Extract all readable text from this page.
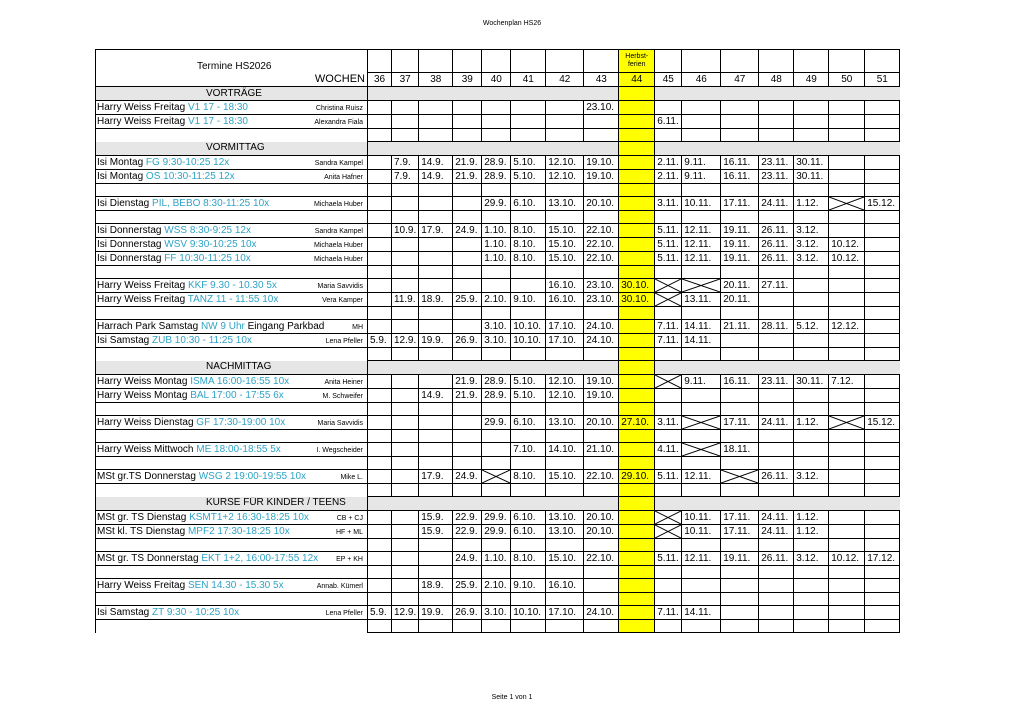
Wochenplan HS26
Termine HS2026									Herbst-
ferien							

WOCHEN	36	37	38	39	40	41	42	43	44	45	46	47	48	49	50	51
VORTRÄGE																
Harry Weiss Freitag V1 17 - 18:30 Christina Ruisz								23.10.								
Harry Weiss Freitag V1 17 - 18:30 Alexandra Fiala										6.11.						

VORMITTAG																
Isi Montag FG 9:30-10:25 12x Sandra Kampel		7.9.	14.9.	21.9.	28.9.	5.10.	12.10.	19.10.		2.11.	9.11.	16.11.	23.11.	30.11.		
Isi Montag OS 10:30-11:25 12x Anita Hafner		7.9.	14.9.	21.9.	28.9.	5.10.	12.10.	19.10.		2.11.	9.11.	16.11.	23.11.	30.11.		

Isi Dienstag PIL, BEBO 8:30-11:25 10x Michaela Huber					29.9.	6.10.	13.10.	20.10.		3.11.	10.11.	17.11.	24.11.	1.12.		15.12.

Isi Donnerstag WSS 8:30-9:25 12x Sandra Kampel		10.9.	17.9.	24.9.	1.10.	8.10.	15.10.	22.10.		5.11.	12.11.	19.11.	26.11.	3.12.		
Isi Donnerstag WSV 9:30-10:25 10x Michaela Huber					1.10.	8.10.	15.10.	22.10.		5.11.	12.11.	19.11.	26.11.	3.12.	10.12.	
Isi Donnerstag FF 10:30-11:25 10x Michaela Huber					1.10.	8.10.	15.10.	22.10.		5.11.	12.11.	19.11.	26.11.	3.12.	10.12.	

Harry Weiss Freitag KKF 9.30 - 10.30 5x Maria Savvidis							16.10.	23.10.	30.10.			20.11.	27.11.			
Harry Weiss Freitag TANZ 11 - 11:55 10x Vera Kamper		11.9.	18.9.	25.9.	2.10.	9.10.	16.10.	23.10.	30.10.		13.11.	20.11.				

Harrach Park Samstag NW 9 Uhr Eingang Parkbad MH					3.10.	10.10.	17.10.	24.10.		7.11.	14.11.	21.11.	28.11.	5.12.	12.12.	
Isi Samstag ZUB 10:30 - 11:25 10x Lena Pfeller	5.9.	12.9.	19.9.	26.9.	3.10.	10.10.	17.10.	24.10.		7.11.	14.11.					

NACHMITTAG																
Harry Weiss Montag ISMA 16:00-16:55 10x Anita Heiner				21.9.	28.9.	5.10.	12.10.	19.10.			9.11.	16.11.	23.11.	30.11.	7.12.	
Harry Weiss Montag BAL 17:00 - 17:55 6x M. Schweifer			14.9.	21.9.	28.9.	5.10.	12.10.	19.10.								

Harry Weiss Dienstag GF 17:30-19:00 10x Maria Savvidis					29.9.	6.10.	13.10.	20.10.	27.10.	3.11.		17.11.	24.11.	1.12.		15.12.

Harry Weiss Mittwoch ME 18:00-18:55 5x I. Wegscheider						7.10.	14.10.	21.10.		4.11.		18.11.				

MSt gr.TS Donnerstag WSG 2 19:00-19:55 10x Mike L.			17.9.	24.9.		8.10.	15.10.	22.10.	29.10.	5.11.	12.11.		26.11.	3.12.		

KURSE FÜR KINDER / TEENS																
MSt gr. TS Dienstag KSMT1+2 16:30-18:25 10x CB + CJ			15.9.	22.9.	29.9.	6.10.	13.10.	20.10.			10.11.	17.11.	24.11.	1.12.		
MSt kl. TS Dienstag MPF2 17:30-18:25 10x HF + ML			15.9.	22.9.	29.9.	6.10.	13.10.	20.10.			10.11.	17.11.	24.11.	1.12.		

MSt gr. TS Donnerstag EKT 1+2, 16:00-17:55 12x EP + KH				24.9.	1.10.	8.10.	15.10.	22.10.		5.11.	12.11.	19.11.	26.11.	3.12.	10.12.	17.12.

Harry Weiss Freitag SEN 14.30 - 15.30 5x Annab. Kümerl			18.9.	25.9.	2.10.	9.10.	16.10.									

Isi Samstag ZT 9:30 - 10:25 10x Lena Pfeller	5.9.	12.9.	19.9.	26.9.	3.10.	10.10.	17.10.	24.10.		7.11.	14.11.					

Seite 1 von 1
